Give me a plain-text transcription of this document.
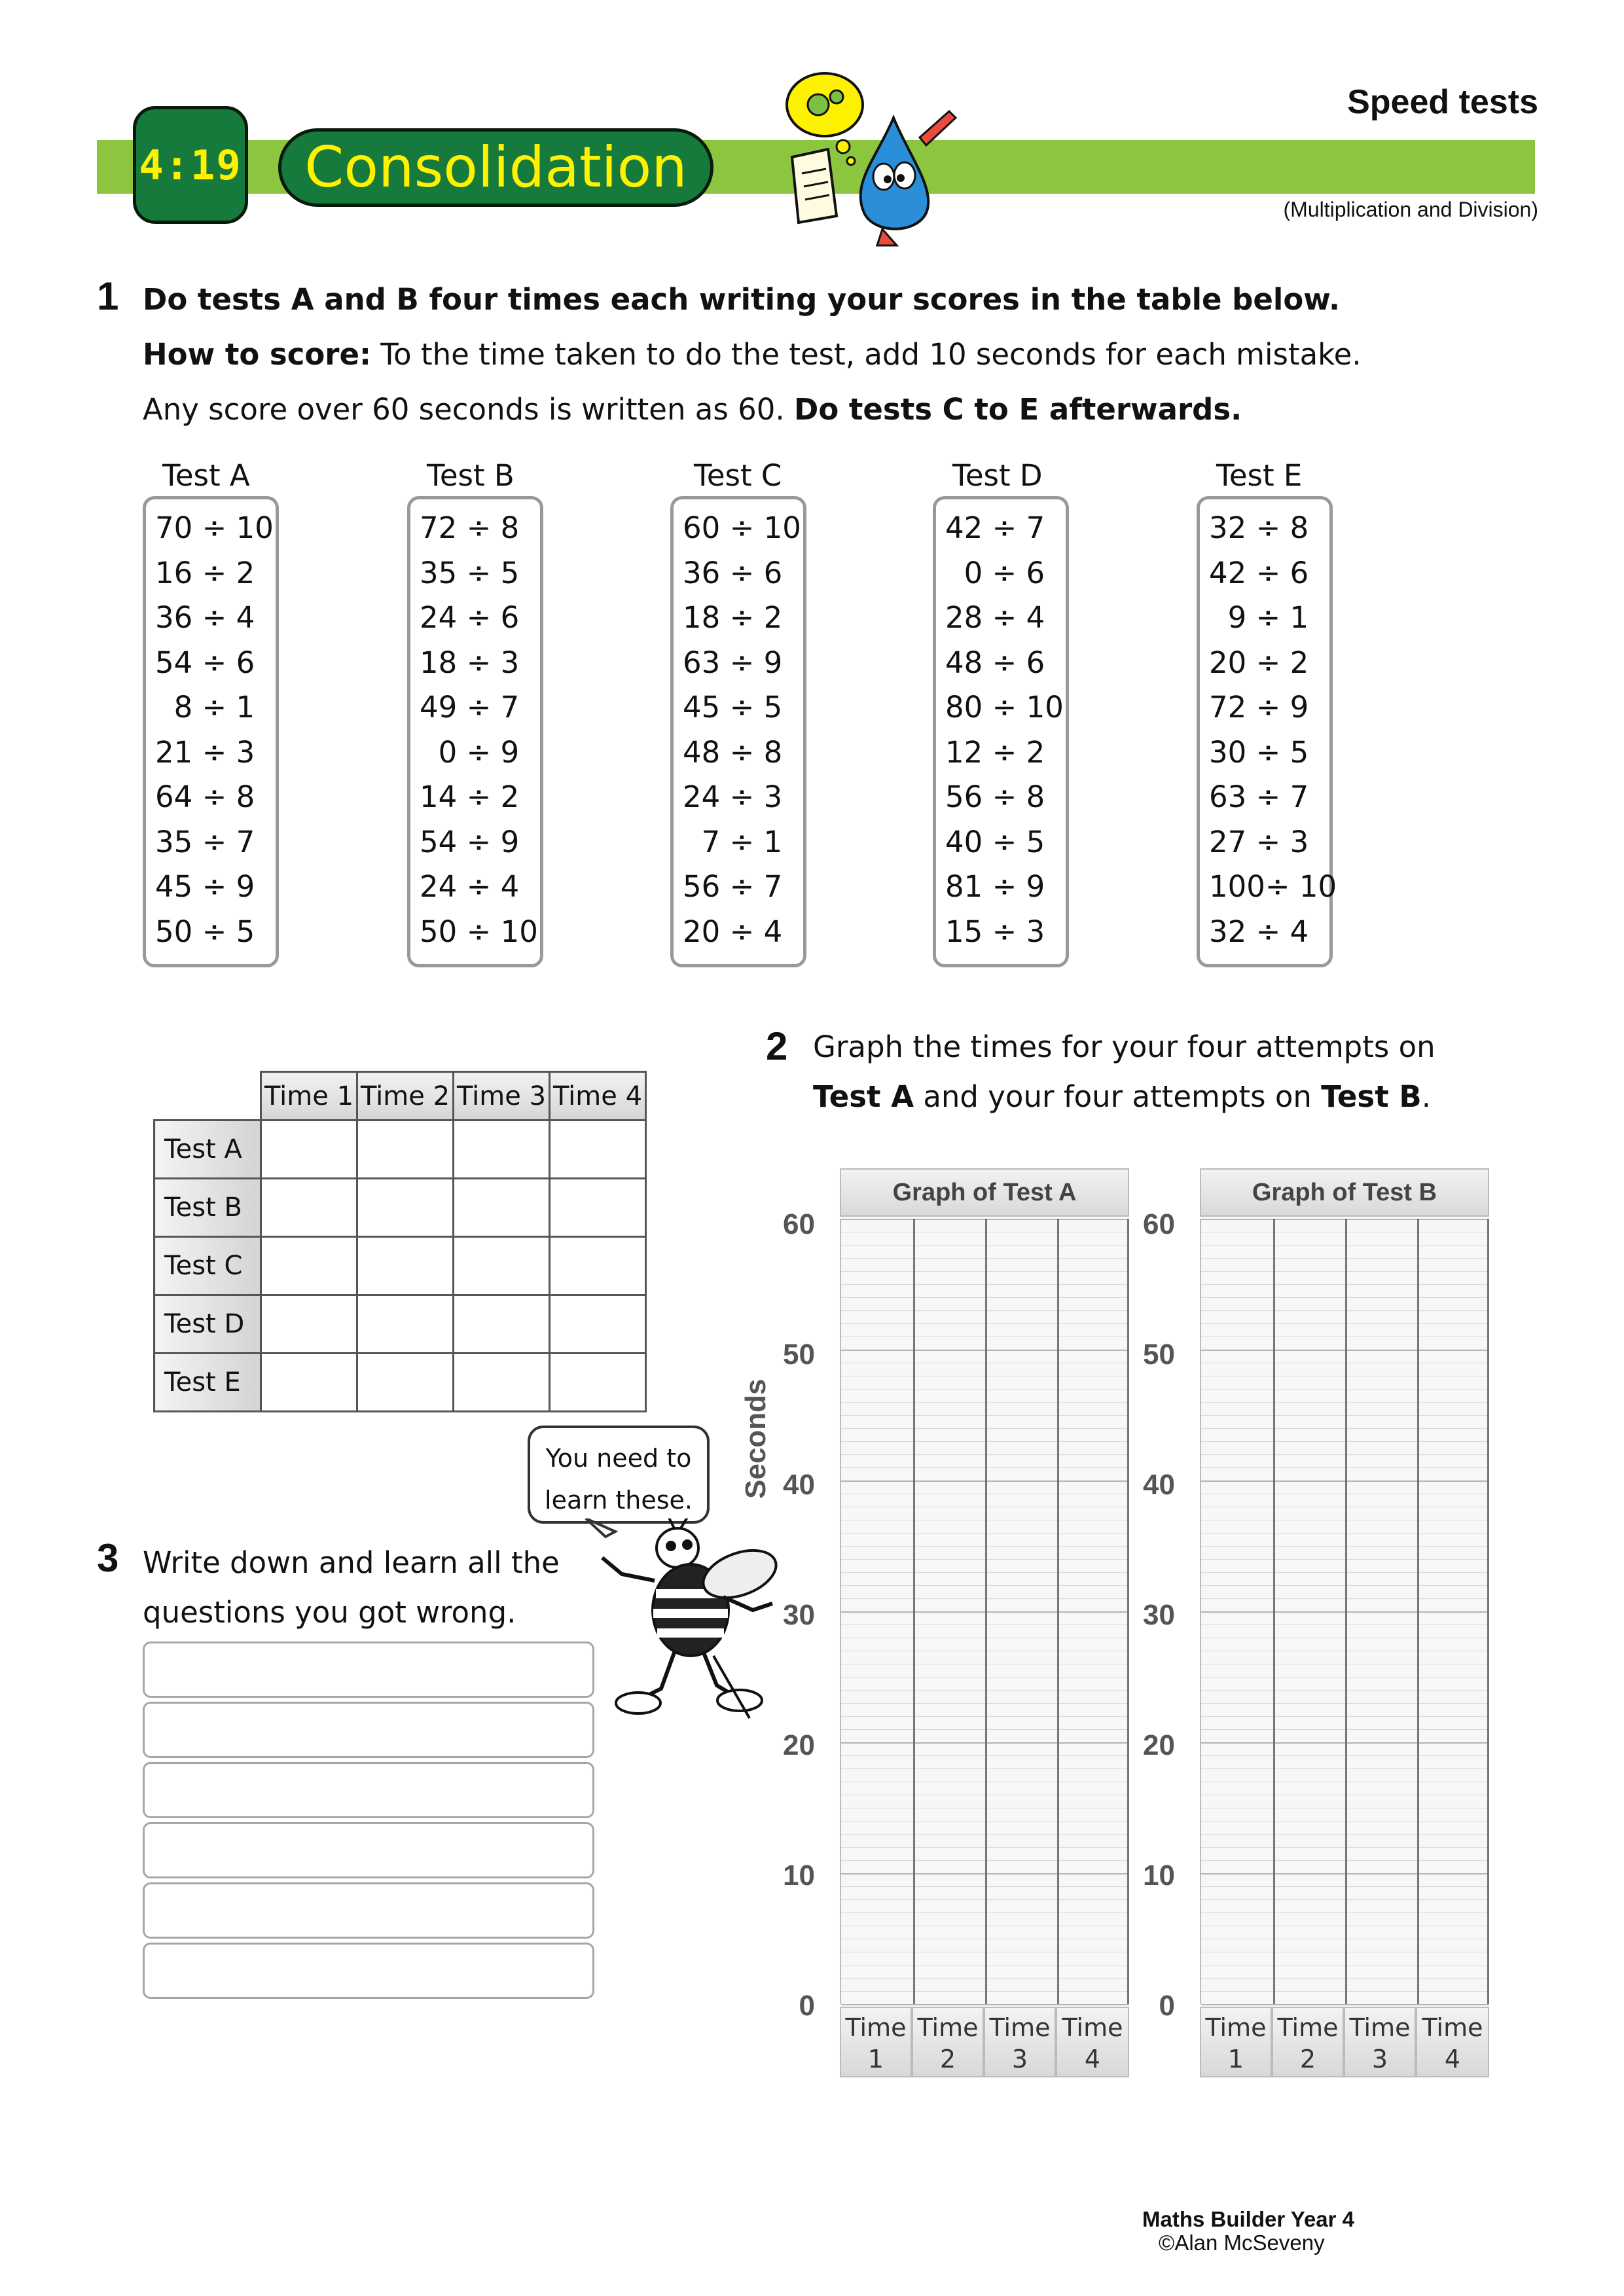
4:19	Consolidation
Speed tests
(Multiplication and Division)
1 Do tests A and B four times each writing your scores in the table below.
How to score: To the time taken to do the test, add 10 seconds for each mistake.
Any score over 60 seconds is written as 60. Do tests C to E afterwards.
Test A
70 ÷ 10
16 ÷ 2
36 ÷ 4
54 ÷ 6
8 ÷ 1
21 ÷ 3
64 ÷ 8
35 ÷ 7
45 ÷ 9
50 ÷ 5
Test B
72 ÷ 8
35 ÷ 5
24 ÷ 6
18 ÷ 3
49 ÷ 7
0 ÷ 9
14 ÷ 2
54 ÷ 9
24 ÷ 4
50 ÷ 10
Test C
60 ÷ 10
36 ÷ 6
18 ÷ 2
63 ÷ 9
45 ÷ 5
48 ÷ 8
24 ÷ 3
7 ÷ 1
56 ÷ 7
20 ÷ 4
Test D
42 ÷ 7
0 ÷ 6
28 ÷ 4
48 ÷ 6
80 ÷ 10
12 ÷ 2
56 ÷ 8
40 ÷ 5
81 ÷ 9
15 ÷ 3
Test E
32 ÷ 8
42 ÷ 6
9 ÷ 1
20 ÷ 2
72 ÷ 9
30 ÷ 5
63 ÷ 7
27 ÷ 3
100÷ 10
32 ÷ 4
	Time 1	Time 2	Time 3	Time 4
Test A				
Test B				
Test C				
Test D				
Test E				
You need to
learn these.
3 Write down and learn all the
questions you got wrong.
2 Graph the times for your four attempts on
Test A and your four attempts on Test B.
Graph of Test A
Seconds
60
50
40
30
20
10
0
Time
1
Time
2
Time
3
Time
4
Graph of Test B
60
50
40
30
20
10
0
Time
1
Time
2
Time
3
Time
4
Maths Builder Year 4
©Alan McSeveny
